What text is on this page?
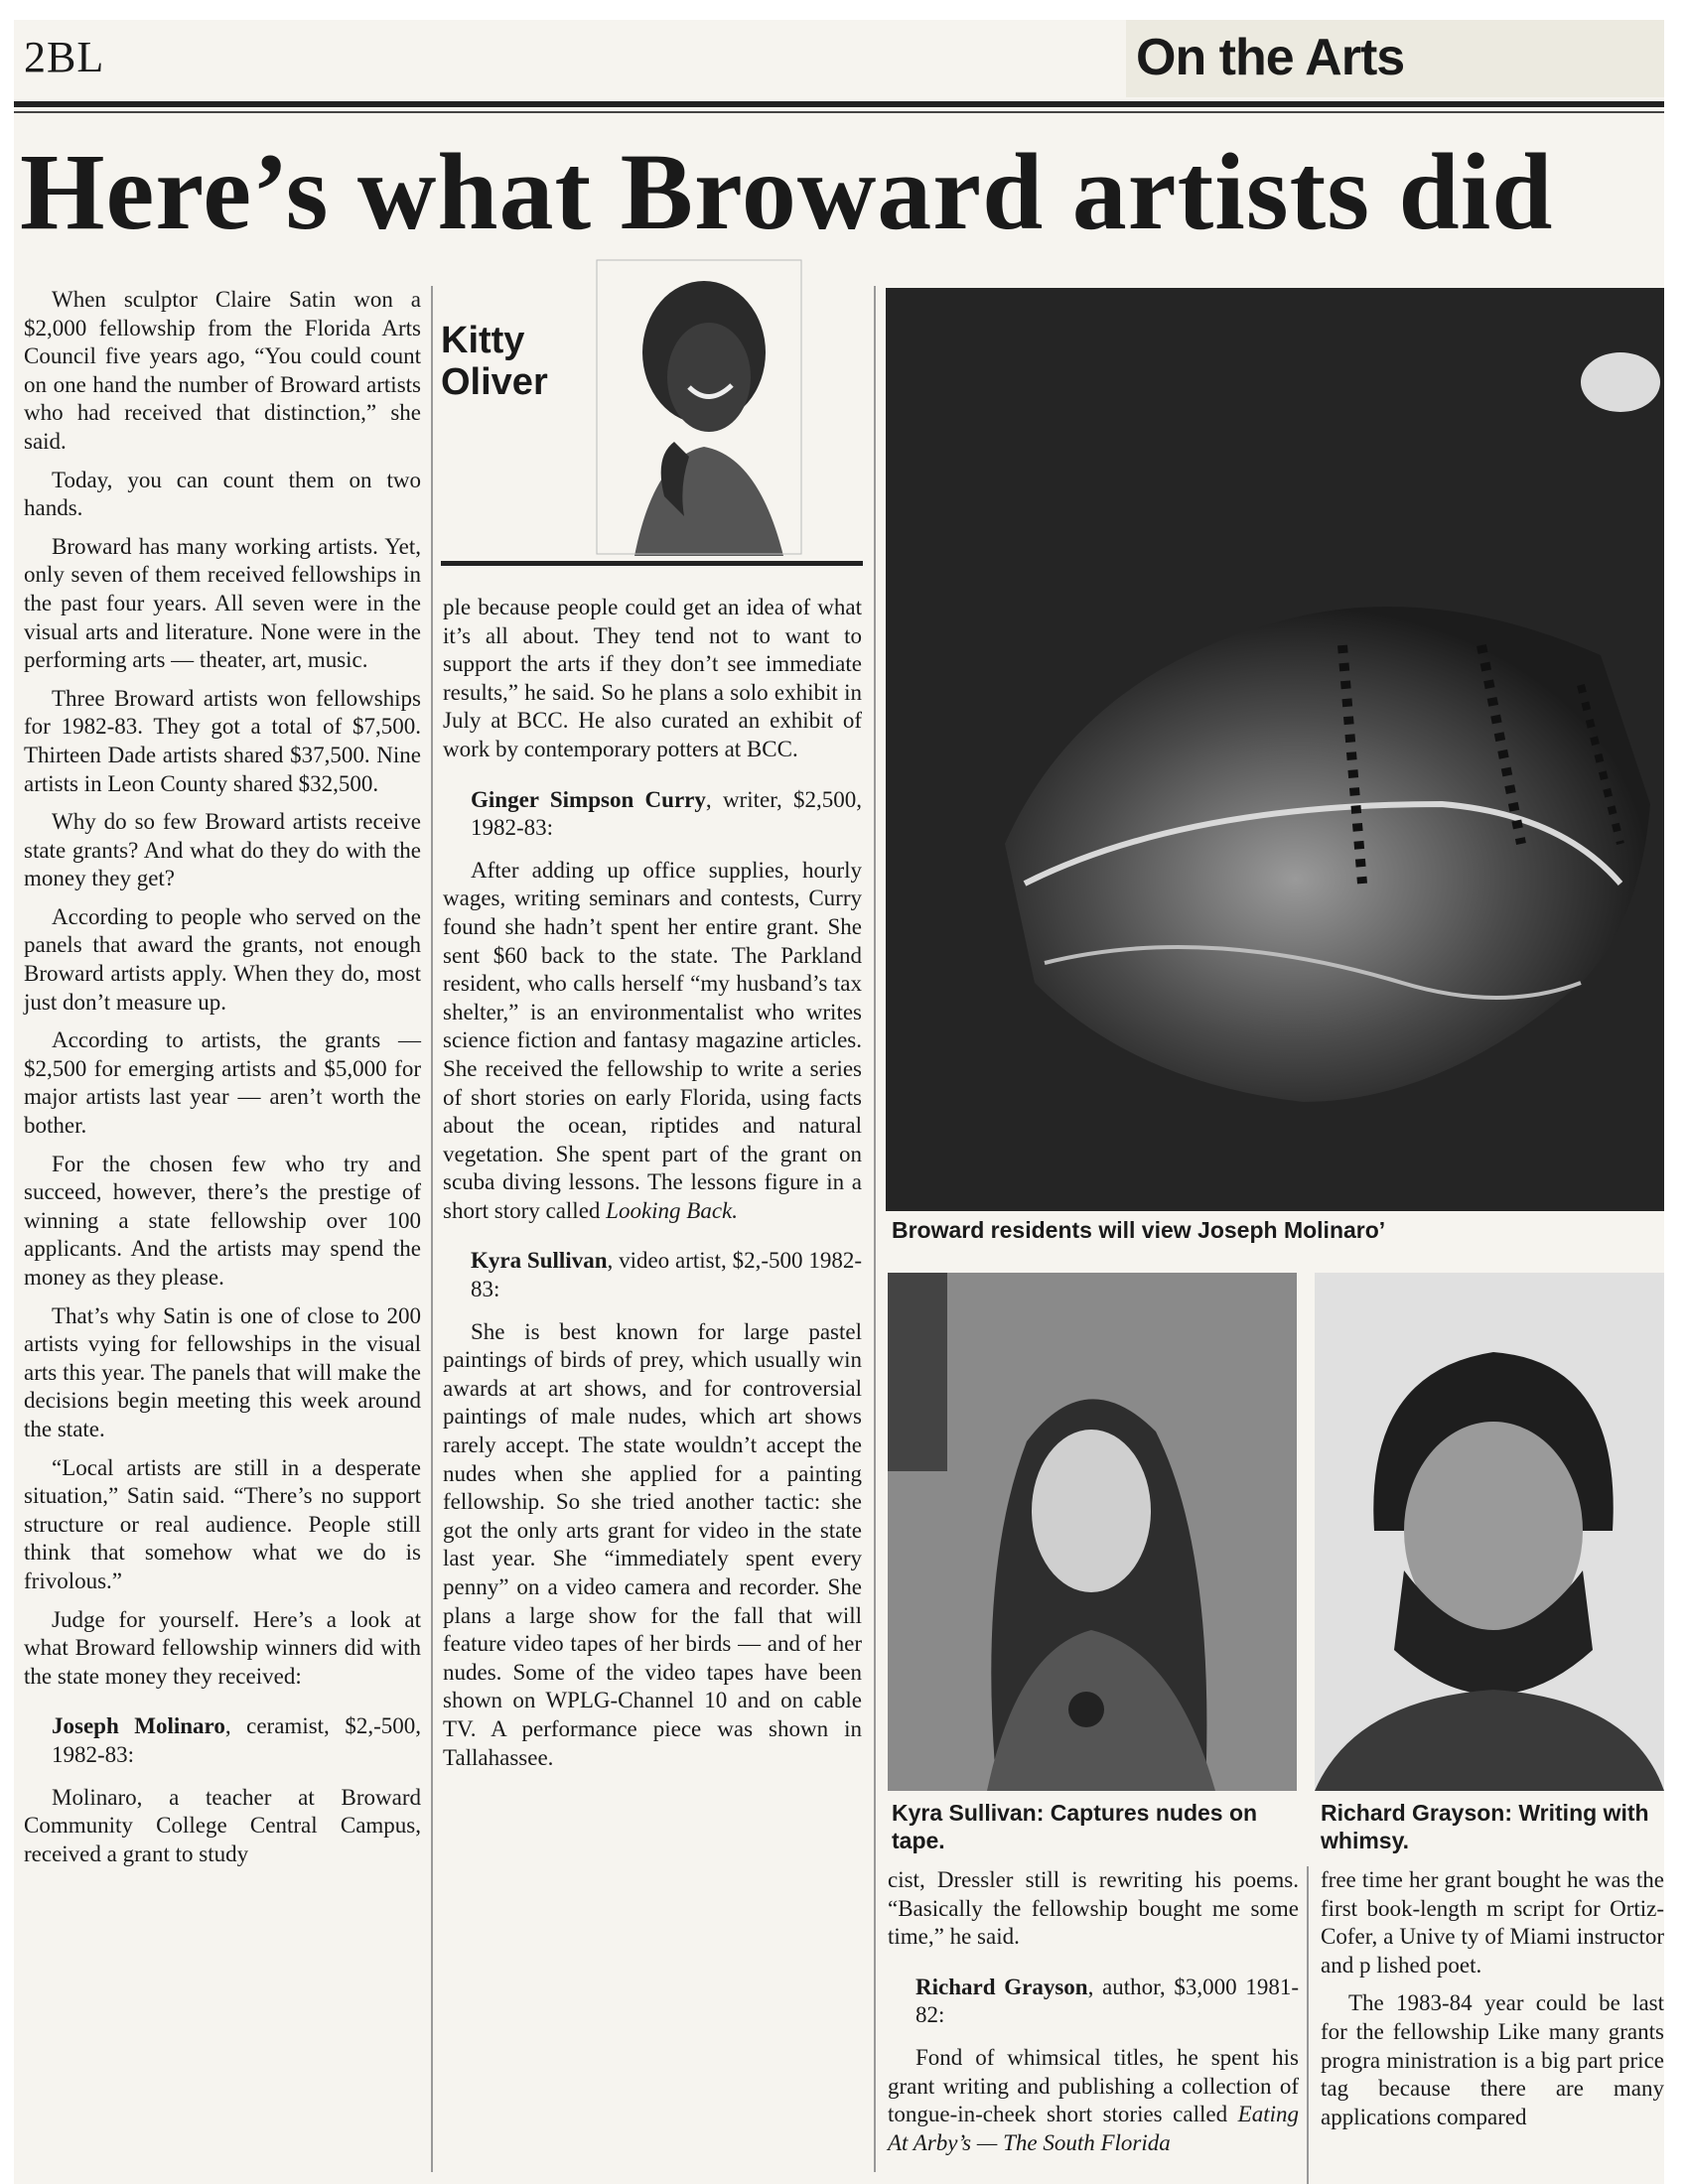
2BL	On the Arts
Here’s what Broward artists did
Kitty Oliver

When sculptor Claire Satin won a $2,000 fellowship from the Florida Arts Council five years ago, “You could count on one hand the number of Broward artists who had received that distinction,” she said.

Today, you can count them on two hands.

Broward has many working artists. Yet, only seven of them received fellowships in the past four years. All seven were in the visual arts and literature. None were in the performing arts — theater, art, music.

Three Broward artists won fellowships for 1982-83. They got a total of $7,500. Thirteen Dade artists shared $37,500. Nine artists in Leon County shared $32,500.

Why do so few Broward artists receive state grants? And what do they do with the money they get?

According to people who served on the panels that award the grants, not enough Broward artists apply. When they do, most just don’t measure up.

According to artists, the grants — $2,500 for emerging artists and $5,000 for major artists last year — aren’t worth the bother.

For the chosen few who try and succeed, however, there’s the prestige of winning a state fellowship over 100 applicants. And the artists may spend the money as they please.

That’s why Satin is one of close to 200 artists vying for fellowships in the visual arts this year. The panels that will make the decisions begin meeting this week around the state.

“Local artists are still in a desperate situation,” Satin said. “There’s no support structure or real audience. People still think that somehow what we do is frivolous.”

Judge for yourself. Here’s a look at what Broward fellowship winners did with the state money they received:

Joseph Molinaro, ceramist, $2,-500, 1982-83:

Molinaro, a teacher at Broward Community College Central Campus, received a grant to study

ple because people could get an idea of what it’s all about. They tend not to want to support the arts if they don’t see immediate results,” he said. So he plans a solo exhibit in July at BCC. He also curated an exhibit of work by contemporary potters at BCC.

Ginger Simpson Curry, writer, $2,500, 1982-83:

After adding up office supplies, hourly wages, writing seminars and contests, Curry found she hadn’t spent her entire grant. She sent $60 back to the state. The Parkland resident, who calls herself “my husband’s tax shelter,” is an environmentalist who writes science fiction and fantasy magazine articles. She received the fellowship to write a series of short stories on early Florida, using facts about the ocean, riptides and natural vegetation. She spent part of the grant on scuba diving lessons. The lessons figure in a short story called Looking Back.

Kyra Sullivan, video artist, $2,-500 1982-83:

She is best known for large pastel paintings of birds of prey, which usually win awards at art shows, and for controversial paintings of male nudes, which art shows rarely accept. The state wouldn’t accept the nudes when she applied for a painting fellowship. So she tried another tactic: she got the only arts grant for video in the state last year. She “immediately spent every penny” on a video camera and recorder. She plans a large show for the fall that will feature video tapes of her birds — and of her nudes. Some of the video tapes have been shown on WPLG-Channel 10 and on cable TV. A performance piece was shown in Tallahassee.

Broward residents will view Joseph Molinaro’
Kyra Sullivan: Captures nudes on tape.
Richard Grayson: Writing with whimsy.

cist, Dressler still is rewriting his poems. “Basically the fellowship bought me some time,” he said.

Richard Grayson, author, $3,000 1981-82:

Fond of whimsical titles, he spent his grant writing and publishing a collection of tongue-in-cheek short stories called Eating At Arby’s — The South Florida

free time her grant bought he was the first book-length m script for Ortiz-Cofer, a Unive ty of Miami instructor and p lished poet.

The 1983-84 year could be last for the fellowship Like many grants progra ministration is a big part price tag because there are many applications compared
